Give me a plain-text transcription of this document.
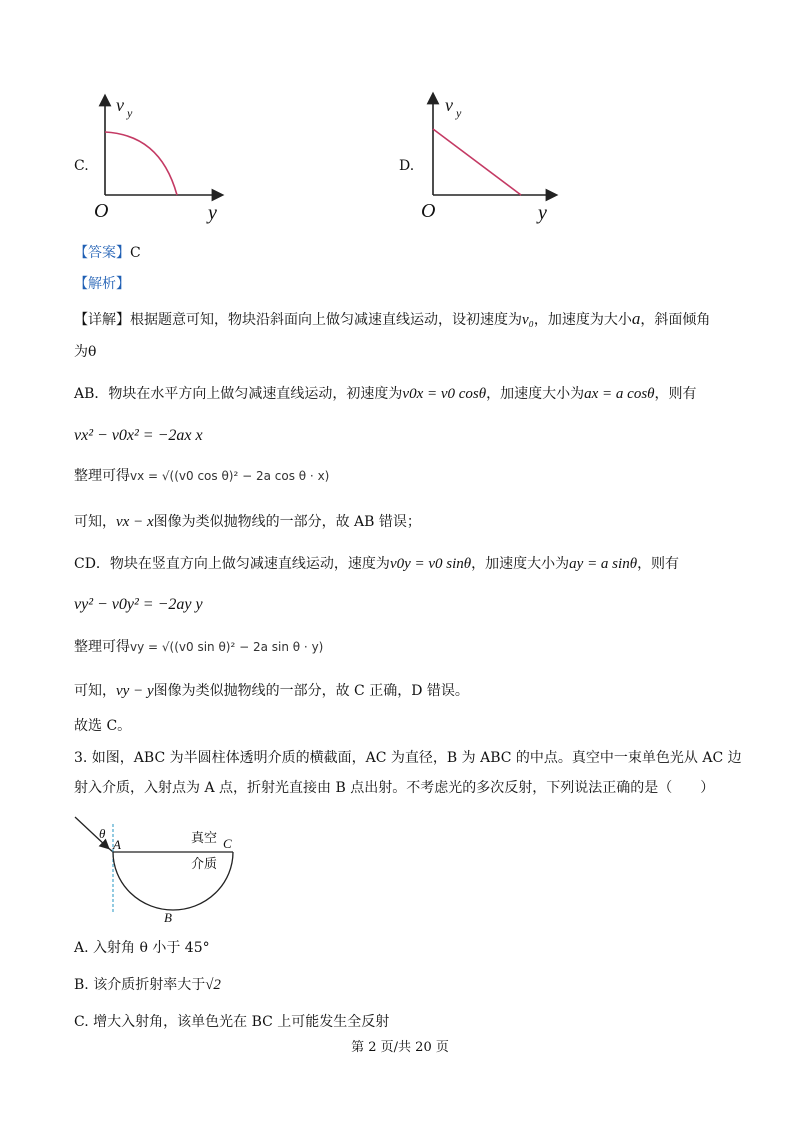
C.
v y
O	y
D.
v y
O	y
【答案】C
【解析】
【详解】根据题意可知，物块沿斜面向上做匀减速直线运动，设初速度为v₀，加速度为大小a，斜面倾角
为θ
AB．物块在水平方向上做匀减速直线运动，初速度为v0x = v0 cosθ，加速度大小为ax = a cosθ，则有
vx² − v0x² = −2ax x
整理可得vx = √((v0 cos θ)² − 2a cos θ · x)
可知，vx − x图像为类似抛物线的一部分，故 AB 错误；
CD．物块在竖直方向上做匀减速直线运动，速度为v0y = v0 sinθ，加速度大小为ay = a sinθ，则有
vy² − v0y² = −2ay y
整理可得vy = √((v0 sin θ)² − 2a sin θ · y)
可知，vy − y图像为类似抛物线的一部分，故 C 正确，D 错误。
故选 C。
3. 如图，ABC 为半圆柱体透明介质的横截面，AC 为直径，B 为 ABC 的中点。真空中一束单色光从 AC 边
射入介质，入射点为 A 点，折射光直接由 B 点出射。不考虑光的多次反射，下列说法正确的是（　　）
θ
A	C
B
真空
介质
A. 入射角 θ 小于 45°
B. 该介质折射率大于√2
C. 增大入射角，该单色光在 BC 上可能发生全反射
第 2 页/共 20 页
